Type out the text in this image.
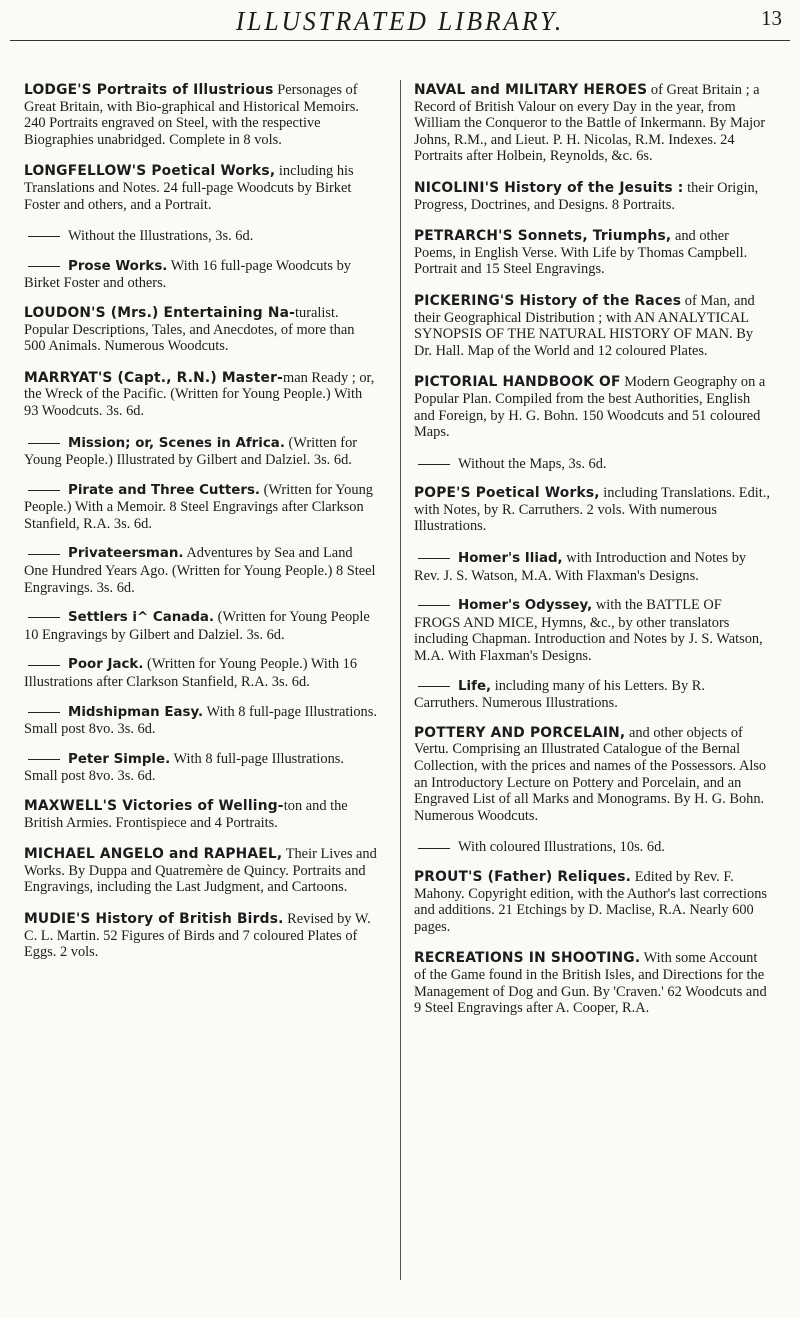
ILLUSTRATED LIBRARY.	13

LODGE'S Portraits of Illustrious Personages of Great Britain, with Bio-graphical and Historical Memoirs. 240 Portraits engraved on Steel, with the respective Biographies unabridged. Complete in 8 vols.

LONGFELLOW'S Poetical Works, including his Translations and Notes. 24 full-page Woodcuts by Birket Foster and others, and a Portrait.

Without the Illustrations, 3s. 6d.

Prose Works. With 16 full-page Woodcuts by Birket Foster and others.

LOUDON'S (Mrs.) Entertaining Na-turalist. Popular Descriptions, Tales, and Anecdotes, of more than 500 Animals. Numerous Woodcuts.

MARRYAT'S (Capt., R.N.) Master-man Ready ; or, the Wreck of the Pacific. (Written for Young People.) With 93 Woodcuts. 3s. 6d.

Mission; or, Scenes in Africa. (Written for Young People.) Illustrated by Gilbert and Dalziel. 3s. 6d.

Pirate and Three Cutters. (Written for Young People.) With a Memoir. 8 Steel Engravings after Clarkson Stanfield, R.A. 3s. 6d.

Privateersman. Adventures by Sea and Land One Hundred Years Ago. (Written for Young People.) 8 Steel Engravings. 3s. 6d.

Settlers i^ Canada. (Written for Young People 10 Engravings by Gilbert and Dalziel. 3s. 6d.

Poor Jack. (Written for Young People.) With 16 Illustrations after Clarkson Stanfield, R.A. 3s. 6d.

Midshipman Easy. With 8 full-page Illustrations. Small post 8vo. 3s. 6d.

Peter Simple. With 8 full-page Illustrations. Small post 8vo. 3s. 6d.

MAXWELL'S Victories of Welling-ton and the British Armies. Frontispiece and 4 Portraits.

MICHAEL ANGELO and RAPHAEL, Their Lives and Works. By Duppa and Quatremère de Quincy. Portraits and Engravings, including the Last Judgment, and Cartoons.

MUDIE'S History of British Birds. Revised by W. C. L. Martin. 52 Figures of Birds and 7 coloured Plates of Eggs. 2 vols.

NAVAL and MILITARY HEROES of Great Britain ; a Record of British Valour on every Day in the year, from William the Conqueror to the Battle of Inkermann. By Major Johns, R.M., and Lieut. P. H. Nicolas, R.M. Indexes. 24 Portraits after Holbein, Reynolds, &c. 6s.

NICOLINI'S History of the Jesuits : their Origin, Progress, Doctrines, and Designs. 8 Portraits.

PETRARCH'S Sonnets, Triumphs, and other Poems, in English Verse. With Life by Thomas Campbell. Portrait and 15 Steel Engravings.

PICKERING'S History of the Races of Man, and their Geographical Distribution ; with AN ANALYTICAL SYNOPSIS OF THE NATURAL HISTORY OF MAN. By Dr. Hall. Map of the World and 12 coloured Plates.

PICTORIAL HANDBOOK OF Modern Geography on a Popular Plan. Compiled from the best Authorities, English and Foreign, by H. G. Bohn. 150 Woodcuts and 51 coloured Maps.

Without the Maps, 3s. 6d.

POPE'S Poetical Works, including Translations. Edit., with Notes, by R. Carruthers. 2 vols. With numerous Illustrations.

Homer's Iliad, with Introduction and Notes by Rev. J. S. Watson, M.A. With Flaxman's Designs.

Homer's Odyssey, with the BATTLE OF FROGS AND MICE, Hymns, &c., by other translators including Chapman. Introduction and Notes by J. S. Watson, M.A. With Flaxman's Designs.

Life, including many of his Letters. By R. Carruthers. Numerous Illustrations.

POTTERY AND PORCELAIN, and other objects of Vertu. Comprising an Illustrated Catalogue of the Bernal Collection, with the prices and names of the Possessors. Also an Introductory Lecture on Pottery and Porcelain, and an Engraved List of all Marks and Monograms. By H. G. Bohn. Numerous Woodcuts.

With coloured Illustrations, 10s. 6d.

PROUT'S (Father) Reliques. Edited by Rev. F. Mahony. Copyright edition, with the Author's last corrections and additions. 21 Etchings by D. Maclise, R.A. Nearly 600 pages.

RECREATIONS IN SHOOTING. With some Account of the Game found in the British Isles, and Directions for the Management of Dog and Gun. By 'Craven.' 62 Woodcuts and 9 Steel Engravings after A. Cooper, R.A.
